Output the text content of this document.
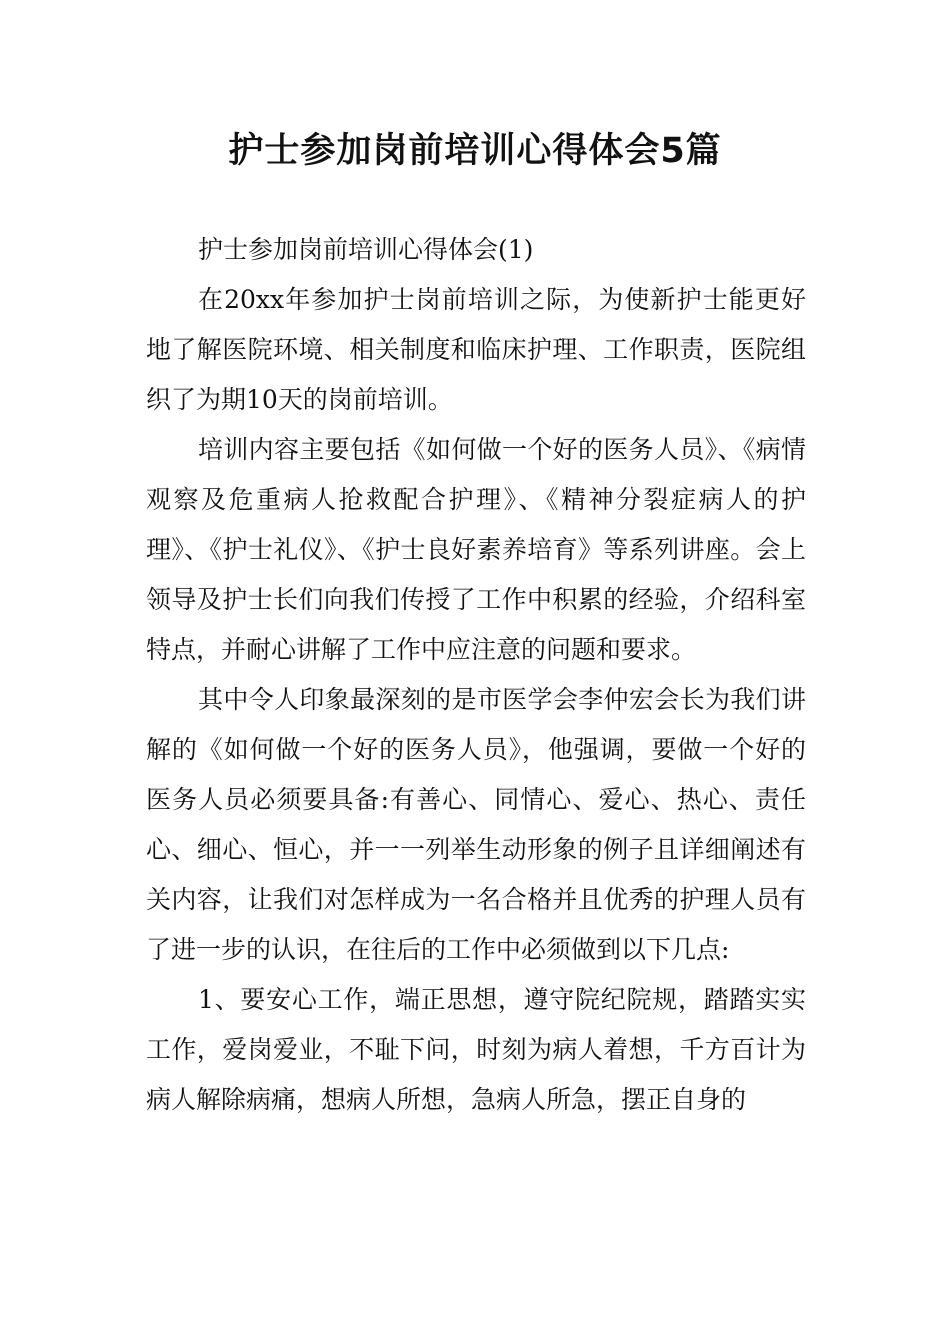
护士参加岗前培训心得体会5篇

护士参加岗前培训心得体会(1)

在20xx年参加护士岗前培训之际，为使新护士能更好地了解医院环境、相关制度和临床护理、工作职责，医院组织了为期10天的岗前培训。

培训内容主要包括《如何做一个好的医务人员》、《病情观察及危重病人抢救配合护理》、《精神分裂症病人的护理》、《护士礼仪》、《护士良好素养培育》等系列讲座。会上领导及护士长们向我们传授了工作中积累的经验，介绍科室特点，并耐心讲解了工作中应注意的问题和要求。

其中令人印象最深刻的是市医学会李仲宏会长为我们讲解的《如何做一个好的医务人员》，他强调，要做一个好的医务人员必须要具备:有善心、同情心、爱心、热心、责任心、细心、恒心，并一一列举生动形象的例子且详细阐述有关内容，让我们对怎样成为一名合格并且优秀的护理人员有了进一步的认识，在往后的工作中必须做到以下几点:

1、要安心工作，端正思想，遵守院纪院规，踏踏实实工作，爱岗爱业，不耻下问，时刻为病人着想，千方百计为病人解除病痛，想病人所想，急病人所急，摆正自身的
